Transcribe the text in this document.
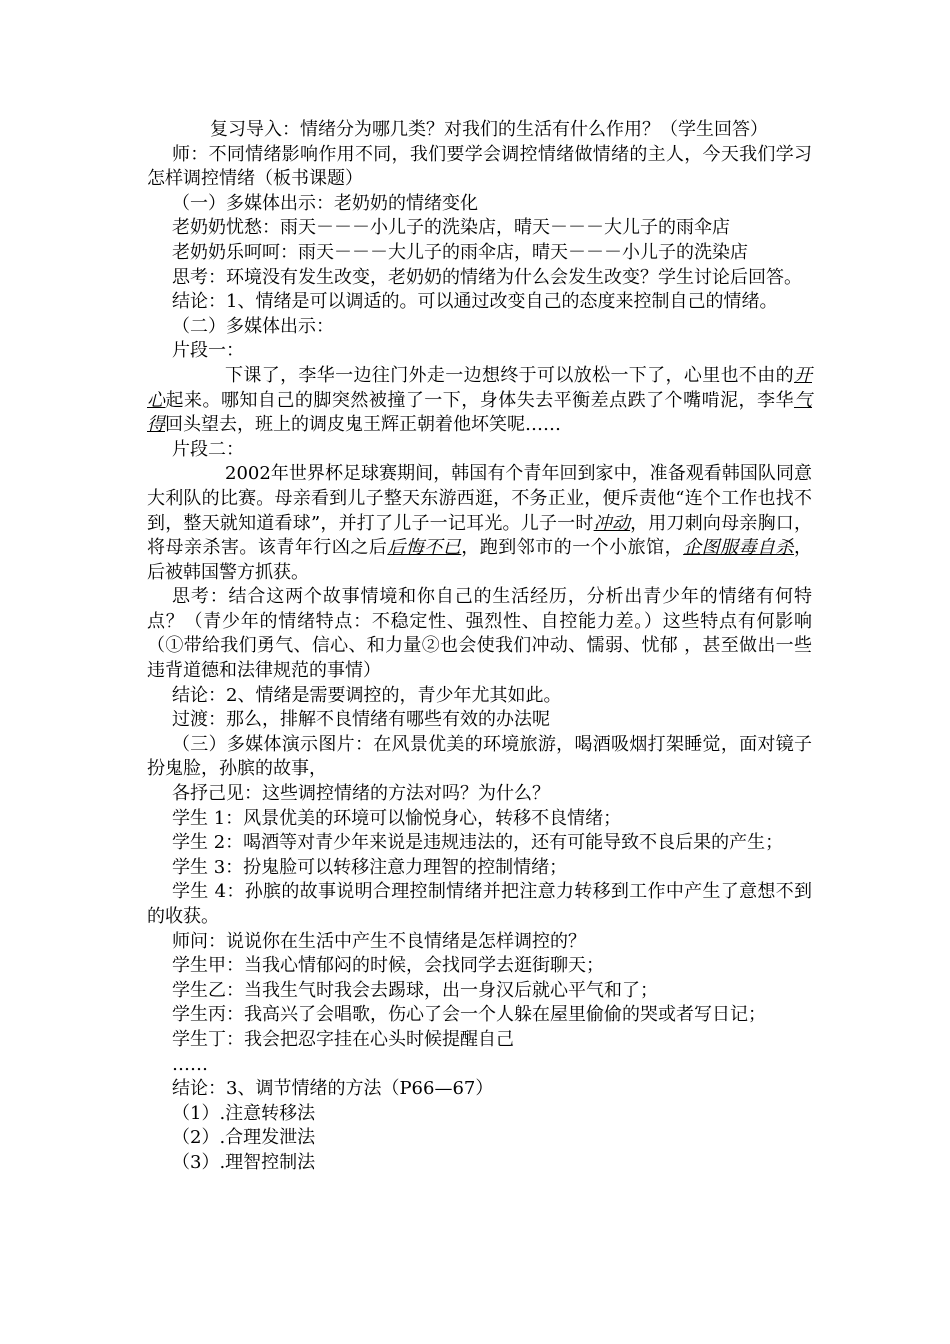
复习导入：情绪分为哪几类？对我们的生活有什么作用？（学生回答）

师：不同情绪影响作用不同，我们要学会调控情绪做情绪的主人，今天我们学习怎样调控情绪（板书课题）

（一）多媒体出示：老奶奶的情绪变化

老奶奶忧愁：雨天－－－小儿子的洗染店，晴天－－－大儿子的雨伞店

老奶奶乐呵呵：雨天－－－大儿子的雨伞店，晴天－－－小儿子的洗染店

思考：环境没有发生改变，老奶奶的情绪为什么会发生改变？学生讨论后回答。

结论：1、情绪是可以调适的。可以通过改变自己的态度来控制自己的情绪。

（二）多媒体出示：

片段一：

下课了，李华一边往门外走一边想终于可以放松一下了，心里也不由的开心起来。哪知自己的脚突然被撞了一下，身体失去平衡差点跌了个嘴啃泥，李华气得回头望去，班上的调皮鬼王辉正朝着他坏笑呢……

片段二：

2002年世界杯足球赛期间，韩国有个青年回到家中，准备观看韩国队同意大利队的比赛。母亲看到儿子整天东游西逛，不务正业，便斥责他“连个工作也找不到，整天就知道看球”，并打了儿子一记耳光。儿子一时冲动，用刀刺向母亲胸口，将母亲杀害。该青年行凶之后后悔不已，跑到邻市的一个小旅馆，企图服毒自杀，后被韩国警方抓获。

思考：结合这两个故事情境和你自己的生活经历，分析出青少年的情绪有何特点？（青少年的情绪特点：不稳定性、强烈性、自控能力差。）这些特点有何影响（①带给我们勇气、信心、和力量②也会使我们冲动、懦弱、忧郁 ，甚至做出一些违背道德和法律规范的事情）

结论：2、情绪是需要调控的，青少年尤其如此。

过渡：那么，排解不良情绪有哪些有效的办法呢

（三）多媒体演示图片：在风景优美的环境旅游，喝酒吸烟打架睡觉，面对镜子扮鬼脸，孙膑的故事，

各抒己见：这些调控情绪的方法对吗？为什么？

学生 1：风景优美的环境可以愉悦身心，转移不良情绪；

学生 2：喝酒等对青少年来说是违规违法的，还有可能导致不良后果的产生；

学生 3：扮鬼脸可以转移注意力理智的控制情绪；

学生 4：孙膑的故事说明合理控制情绪并把注意力转移到工作中产生了意想不到的收获。

师问：说说你在生活中产生不良情绪是怎样调控的？

学生甲：当我心情郁闷的时候，会找同学去逛街聊天；

学生乙：当我生气时我会去踢球，出一身汉后就心平气和了；

学生丙：我高兴了会唱歌，伤心了会一个人躲在屋里偷偷的哭或者写日记；

学生丁：我会把忍字挂在心头时候提醒自己

……

结论：3、调节情绪的方法（P66—67）

（1）.注意转移法

（2）.合理发泄法

（3）.理智控制法
